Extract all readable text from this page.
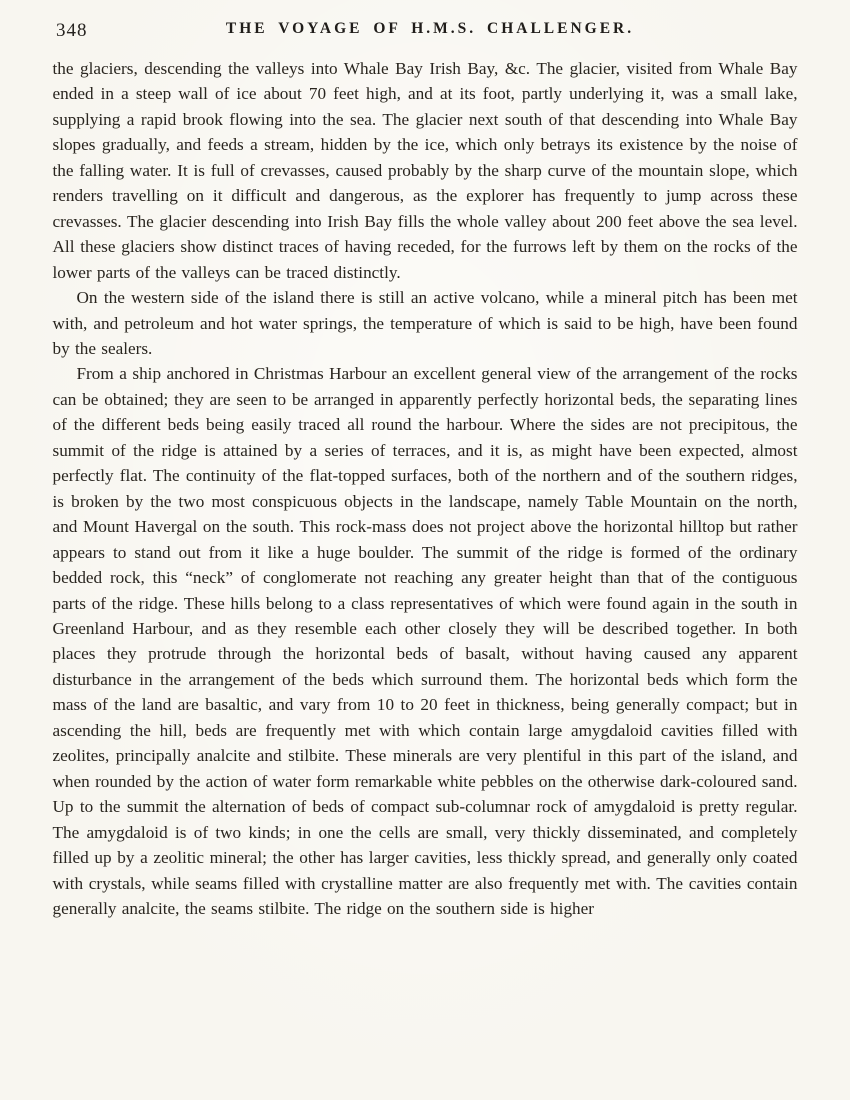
348	THE VOYAGE OF H.M.S. CHALLENGER.

the glaciers, descending the valleys into Whale Bay Irish Bay, &c. The glacier, visited from Whale Bay ended in a steep wall of ice about 70 feet high, and at its foot, partly underlying it, was a small lake, supplying a rapid brook flowing into the sea. The glacier next south of that descending into Whale Bay slopes gradually, and feeds a stream, hidden by the ice, which only betrays its existence by the noise of the falling water. It is full of crevasses, caused probably by the sharp curve of the mountain slope, which renders travelling on it difficult and dangerous, as the explorer has frequently to jump across these crevasses. The glacier descending into Irish Bay fills the whole valley about 200 feet above the sea level. All these glaciers show distinct traces of having receded, for the furrows left by them on the rocks of the lower parts of the valleys can be traced distinctly.

On the western side of the island there is still an active volcano, while a mineral pitch has been met with, and petroleum and hot water springs, the temperature of which is said to be high, have been found by the sealers.

From a ship anchored in Christmas Harbour an excellent general view of the arrangement of the rocks can be obtained; they are seen to be arranged in apparently perfectly horizontal beds, the separating lines of the different beds being easily traced all round the harbour. Where the sides are not precipitous, the summit of the ridge is attained by a series of terraces, and it is, as might have been expected, almost perfectly flat. The continuity of the flat-topped surfaces, both of the northern and of the southern ridges, is broken by the two most conspicuous objects in the landscape, namely Table Mountain on the north, and Mount Havergal on the south. This rock-mass does not project above the horizontal hilltop but rather appears to stand out from it like a huge boulder. The summit of the ridge is formed of the ordinary bedded rock, this “neck” of conglomerate not reaching any greater height than that of the contiguous parts of the ridge. These hills belong to a class representatives of which were found again in the south in Greenland Harbour, and as they resemble each other closely they will be described together. In both places they protrude through the horizontal beds of basalt, without having caused any apparent disturbance in the arrangement of the beds which surround them. The horizontal beds which form the mass of the land are basaltic, and vary from 10 to 20 feet in thickness, being generally compact; but in ascending the hill, beds are frequently met with which contain large amygdaloid cavities filled with zeolites, principally analcite and stilbite. These minerals are very plentiful in this part of the island, and when rounded by the action of water form remarkable white pebbles on the otherwise dark-coloured sand. Up to the summit the alternation of beds of compact sub-columnar rock of amygdaloid is pretty regular. The amygdaloid is of two kinds; in one the cells are small, very thickly disseminated, and completely filled up by a zeolitic mineral; the other has larger cavities, less thickly spread, and generally only coated with crystals, while seams filled with crystalline matter are also frequently met with. The cavities contain generally analcite, the seams stilbite. The ridge on the southern side is higher
